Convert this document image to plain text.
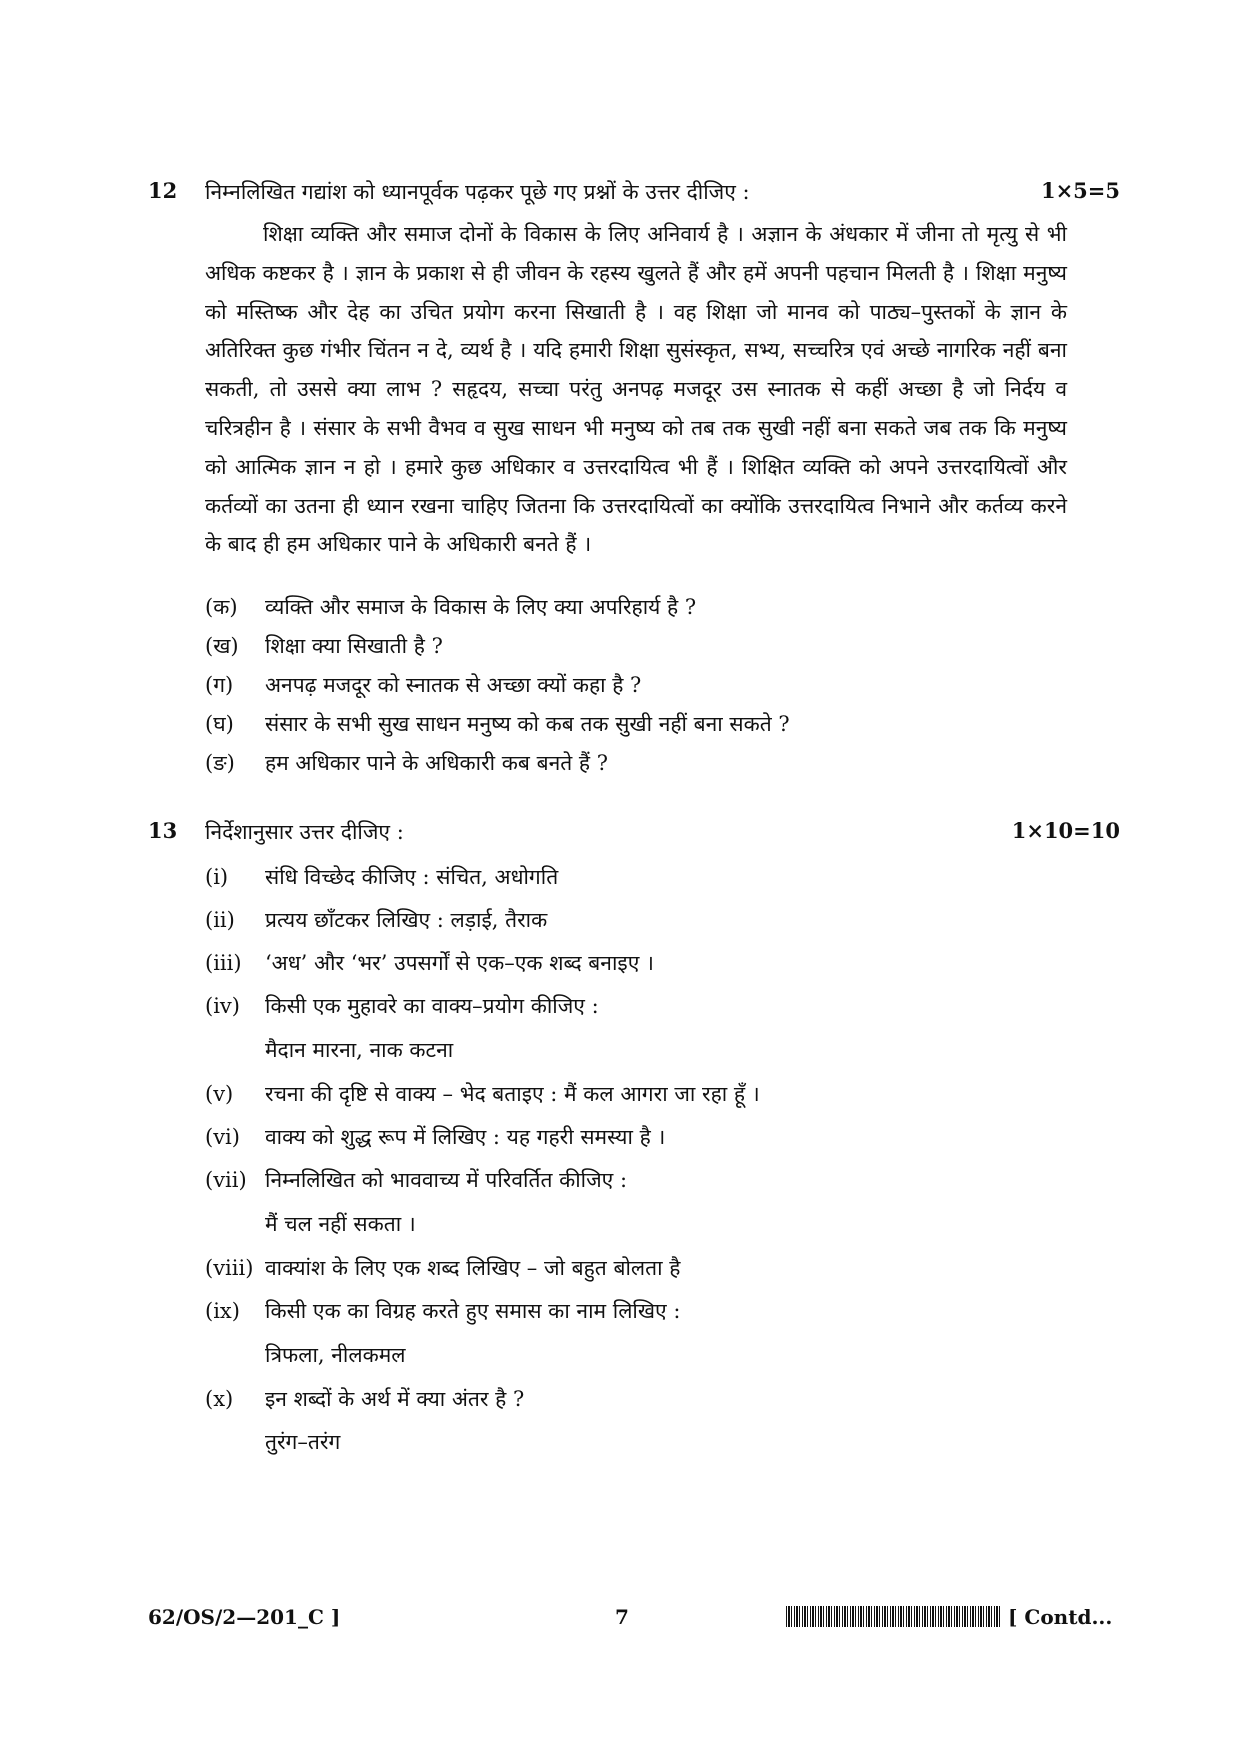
12 निम्नलिखित गद्यांश को ध्यानपूर्वक पढ़कर पूछे गए प्रश्नों के उत्तर दीजिए :	1×5=5

शिक्षा व्यक्ति और समाज दोनों के विकास के लिए अनिवार्य है । अज्ञान के अंधकार में जीना तो मृत्यु से भी अधिक कष्टकर है । ज्ञान के प्रकाश से ही जीवन के रहस्य खुलते हैं और हमें अपनी पहचान मिलती है । शिक्षा मनुष्य को मस्तिष्क और देह का उचित प्रयोग करना सिखाती है । वह शिक्षा जो मानव को पाठ्य–पुस्तकों के ज्ञान के अतिरिक्त कुछ गंभीर चिंतन न दे, व्यर्थ है । यदि हमारी शिक्षा सुसंस्कृत, सभ्य, सच्चरित्र एवं अच्छे नागरिक नहीं बना सकती, तो उससे क्या लाभ ? सहृदय, सच्चा परंतु अनपढ़ मजदूर उस स्नातक से कहीं अच्छा है जो निर्दय व चरित्रहीन है । संसार के सभी वैभव व सुख साधन भी मनुष्य को तब तक सुखी नहीं बना सकते जब तक कि मनुष्य को आत्मिक ज्ञान न हो । हमारे कुछ अधिकार व उत्तरदायित्व भी हैं । शिक्षित व्यक्ति को अपने उत्तरदायित्वों और कर्तव्यों का उतना ही ध्यान रखना चाहिए जितना कि उत्तरदायित्वों का क्योंकि उत्तरदायित्व निभाने और कर्तव्य करने के बाद ही हम अधिकार पाने के अधिकारी बनते हैं ।

(क) व्यक्ति और समाज के विकास के लिए क्या अपरिहार्य है ?
(ख) शिक्षा क्या सिखाती है ?
(ग) अनपढ़ मजदूर को स्नातक से अच्छा क्यों कहा है ?
(घ) संसार के सभी सुख साधन मनुष्य को कब तक सुखी नहीं बना सकते ?
(ङ) हम अधिकार पाने के अधिकारी कब बनते हैं ?
13 निर्देशानुसार उत्तर दीजिए :	1×10=10
(i) संधि विच्छेद कीजिए : संचित, अधोगति
(ii) प्रत्यय छाँटकर लिखिए : लड़ाई, तैराक
(iii) ‘अध’ और ‘भर’ उपसर्गों से एक–एक शब्द बनाइए ।
(iv) किसी एक मुहावरे का वाक्य–प्रयोग कीजिए :
मैदान मारना, नाक कटना
(v) रचना की दृष्टि से वाक्य – भेद बताइए : मैं कल आगरा जा रहा हूँ ।
(vi) वाक्य को शुद्ध रूप में लिखिए : यह गहरी समस्या है ।
(vii) निम्नलिखित को भाववाच्य में परिवर्तित कीजिए :
मैं चल नहीं सकता ।
(viii) वाक्यांश के लिए एक शब्द लिखिए – जो बहुत बोलता है
(ix) किसी एक का विग्रह करते हुए समास का नाम लिखिए :
त्रिफला, नीलकमल
(x) इन शब्दों के अर्थ में क्या अंतर है ?
तुरंग–तरंग
62/OS/2—201_C ]	7	[ Contd...
